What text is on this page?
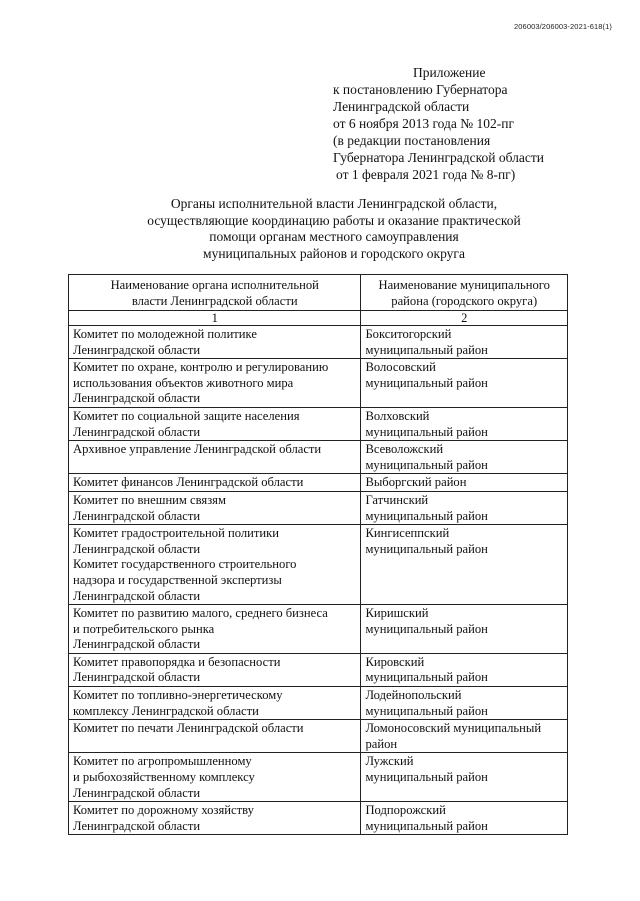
206003/206003-2021-618(1)
Приложение
к постановлению Губернатора
Ленинградской области
от 6 ноября 2013 года № 102-пг
(в редакции постановления
Губернатора Ленинградской области
от 1 февраля 2021 года № 8-пг)
Органы исполнительной власти Ленинградской области,
осуществляющие координацию работы и оказание практической
помощи органам местного самоуправления
муниципальных районов и городского округа
Наименование органа исполнительной
власти Ленинградской области	Наименование муниципального
района (городского округа)

1	2

Комитет по молодежной политике
Ленинградской области	Бокситогорский
муниципальный район

Комитет по охране, контролю и регулированию
использования объектов животного мира
Ленинградской области	Волосовский
муниципальный район

Комитет по социальной защите населения
Ленинградской области	Волховский
муниципальный район

Архивное управление Ленинградской области	Всеволожский
муниципальный район

Комитет финансов Ленинградской области	Выборгский район

Комитет по внешним связям
Ленинградской области	Гатчинский
муниципальный район

Комитет градостроительной политики
Ленинградской области
Комитет государственного строительного
надзора и государственной экспертизы
Ленинградской области	Кингисеппский
муниципальный район

Комитет по развитию малого, среднего бизнеса
и потребительского рынка
Ленинградской области	Киришский
муниципальный район

Комитет правопорядка и безопасности
Ленинградской области	Кировский
муниципальный район

Комитет по топливно-энергетическому
комплексу Ленинградской области	Лодейнопольский
муниципальный район

Комитет по печати Ленинградской области	Ломоносовский муниципальный
район

Комитет по агропромышленному
и рыбохозяйственному комплексу
Ленинградской области	Лужский
муниципальный район

Комитет по дорожному хозяйству
Ленинградской области	Подпорожский
муниципальный район
